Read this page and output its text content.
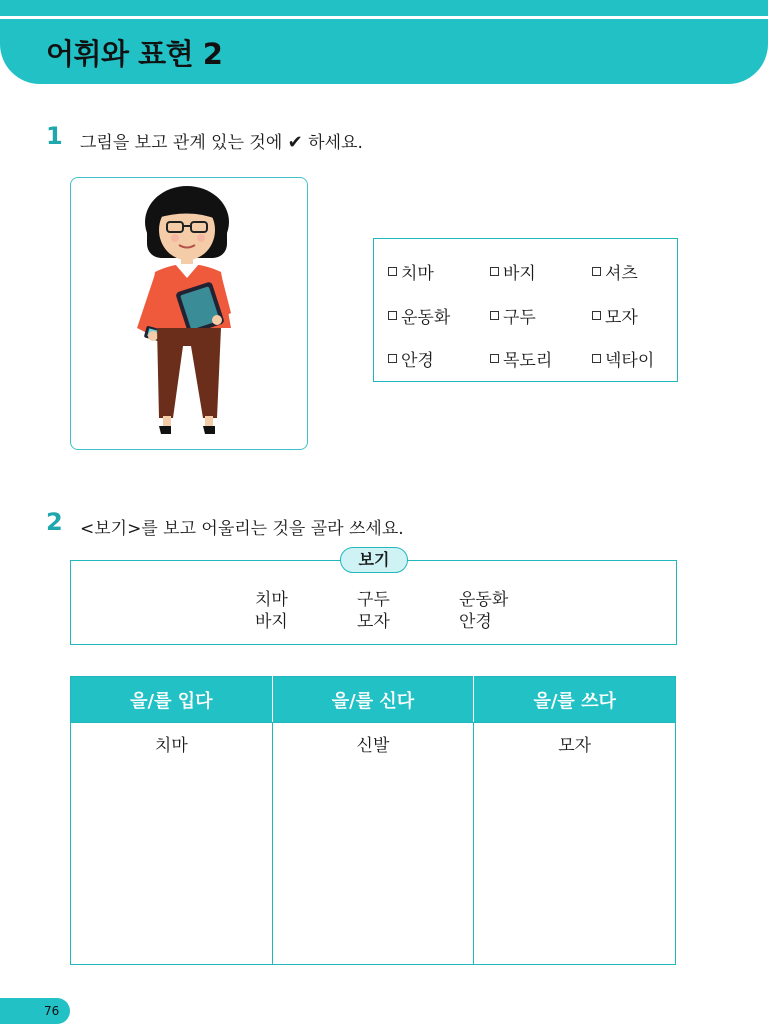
어휘와 표현 2
1 그림을 보고 관계 있는 것에 ✔ 하세요.
치마	바지	셔츠
운동화	구두	모자
안경	목도리	넥타이
2 <보기>를 보고 어울리는 것을 골라 쓰세요.
치마	구두	운동화
바지	모자	안경
보기
을/를 입다	을/를 신다	을/를 쓰다
치마	신발	모자
76
